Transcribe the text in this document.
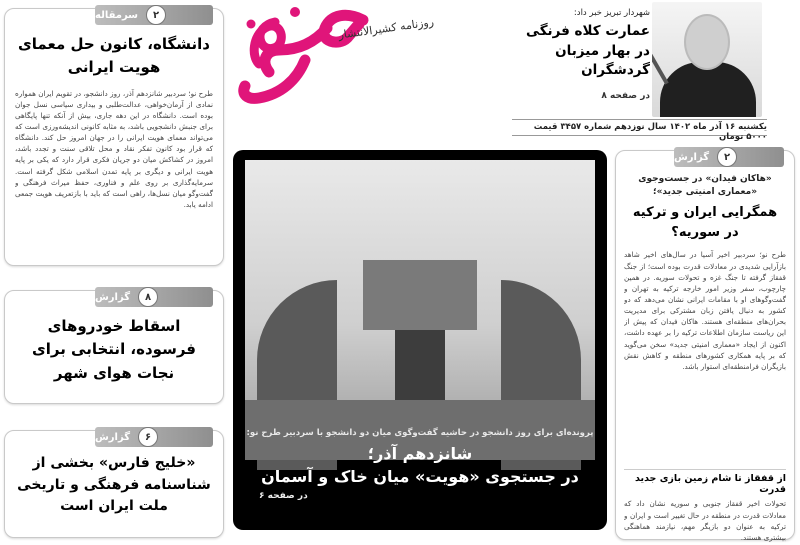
روزنامه کشیرالانتشار
شهردار تبریز خبر داد:
عمارت کلاه فرنگی در بهار میزبان گردشگران
در صفحه ۸
یکشنبه ۱۶ آذر ماه ۱۴۰۲ سال نوزدهم شماره ۳۴۵۷ قیمت ۵۰۰۰ تومان
۲
سرمقاله
دانشگاه، کانون حل معمای هویت ایرانی
طرح نو؛ سردبیر شانزدهم آذر، روز دانشجو، در تقویم ایران همواره نمادی از آرمان‌خواهی، عدالت‌طلبی و بیداری سیاسی نسل جوان بوده است. دانشگاه در این دهه جاری، بیش از آنکه تنها پایگاهی برای جنبش دانشجویی باشد، به مثابه کانونی اندیشه‌ورزی است که می‌تواند معمای هویت ایرانی را در جهان امروز حل کند. دانشگاه که قرار بود کانون تفکر نقاد و محل تلاقی سنت و تجدد باشد، امروز در کشاکش میان دو جریان فکری قرار دارد که یکی بر پایه هویت ایرانی و دیگری بر پایه تمدن اسلامی شکل گرفته است. سرمایه‌گذاری بر روی علم و فناوری، حفظ میراث فرهنگی و گفت‌وگو میان نسل‌ها، راهی است که باید با بازتعریف هویت جمعی ادامه یابد.
۸
گزارش
اسقاط خودروهای فرسوده، انتخابی برای نجات هوای شهر
۶
گزارش
«خلیج فارس» بخشی از شناسنامه فرهنگی و تاریخی ملت ایران است
پرونده‌ای برای روز دانشجو در حاشیه گفت‌وگوی میان دو دانشجو با سردبیر طرح نو:
شانزدهم آذر؛
در جستجوی «هویت» میان خاک و آسمان
در صفحه ۶
۲
گزارش
«هاکان فیدان» در جست‌وجوی «معماری امنیتی جدید»؛
همگرایی ایران و ترکیه در سوریه؟
طرح نو؛ سردبیر اخیر آسیا در سال‌های اخیر شاهد بازآرایی شدیدی در معادلات قدرت بوده است؛ از جنگ قفقاز گرفته تا جنگ غزه و تحولات سوریه. در همین چارچوب، سفر وزیر امور خارجه ترکیه به تهران و گفت‌وگوهای او با مقامات ایرانی نشان می‌دهد که دو کشور به دنبال یافتن زبان مشترکی برای مدیریت بحران‌های منطقه‌ای هستند. هاکان فیدان که پیش از این ریاست سازمان اطلاعات ترکیه را بر عهده داشت، اکنون از ایجاد «معماری امنیتی جدید» سخن می‌گوید که بر پایه همکاری کشورهای منطقه و کاهش نقش بازیگران فرامنطقه‌ای استوار باشد.
از قفقاز تا شام زمین بازی جدید قدرت
تحولات اخیر قفقاز جنوبی و سوریه نشان داد که معادلات قدرت در منطقه در حال تغییر است و ایران و ترکیه به عنوان دو بازیگر مهم، نیازمند هماهنگی بیشتری هستند.
